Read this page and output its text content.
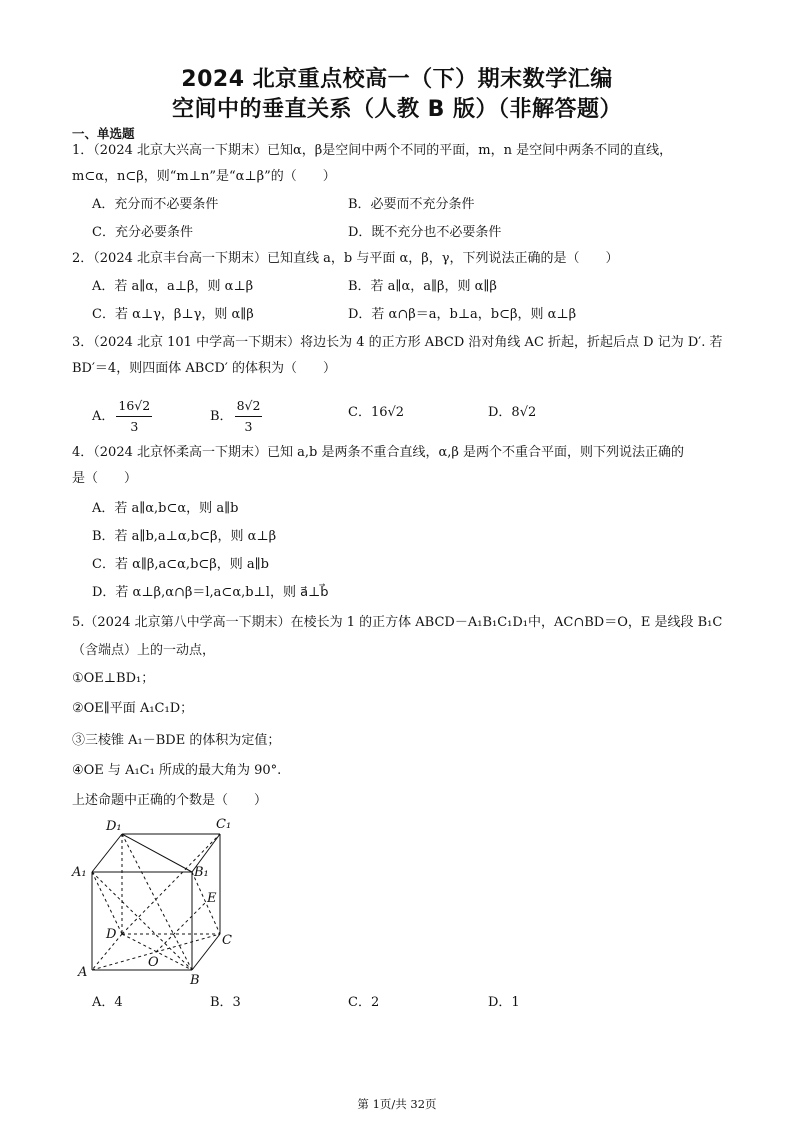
2024 北京重点校高一（下）期末数学汇编
空间中的垂直关系（人教 B 版）（非解答题）
一、单选题
1．（2024 北京大兴高一下期末）已知α，β是空间中两个不同的平面，m，n 是空间中两条不同的直线，
m⊂α，n⊂β，则“m⊥n”是“α⊥β”的（　　）
A．充分而不必要条件	B．必要而不充分条件
C．充分必要条件	D．既不充分也不必要条件
2．（2024 北京丰台高一下期末）已知直线 a，b 与平面 α，β，γ，下列说法正确的是（　　）
A．若 a∥α，a⊥β，则 α⊥β	B．若 a∥α，a∥β，则 α∥β
C．若 α⊥γ，β⊥γ，则 α∥β	D．若 α∩β＝a，b⊥a，b⊂β，则 α⊥β
3．（2024 北京 101 中学高一下期末）将边长为 4 的正方形 ABCD 沿对角线 AC 折起，折起后点 D 记为 D′. 若
BD′＝4，则四面体 ABCD′ 的体积为（　　）
A． $\frac{16√2}{3}$	B． $\frac{8√2}{3}$	C．16√2	D．8√2
4．（2024 北京怀柔高一下期末）已知 a,b 是两条不重合直线，α,β 是两个不重合平面，则下列说法正确的
是（　　）
A．若 a∥α,b⊂α，则 a∥b
B．若 a∥b,a⊥α,b⊂β，则 α⊥β
C．若 α∥β,a⊂α,b⊂β，则 a∥b
D．若 α⊥β,α∩β＝l,a⊂α,b⊥l，则 a⃗⊥b⃗
5.（2024 北京第八中学高一下期末）在棱长为 1 的正方体 ABCD－A₁B₁C₁D₁中，AC∩BD＝O，E 是线段 B₁C
（含端点）上的一动点，
①OE⊥BD₁；
②OE∥平面 A₁C₁D；
③三棱锥 A₁－BDE 的体积为定值；
④OE 与 A₁C₁ 所成的最大角为 90°.
上述命题中正确的个数是（　　）
D₁	C₁
A₁	B₁
E
D	C
O
A
B
A．4	B．3	C．2	D．1
第 1页/共 32页
